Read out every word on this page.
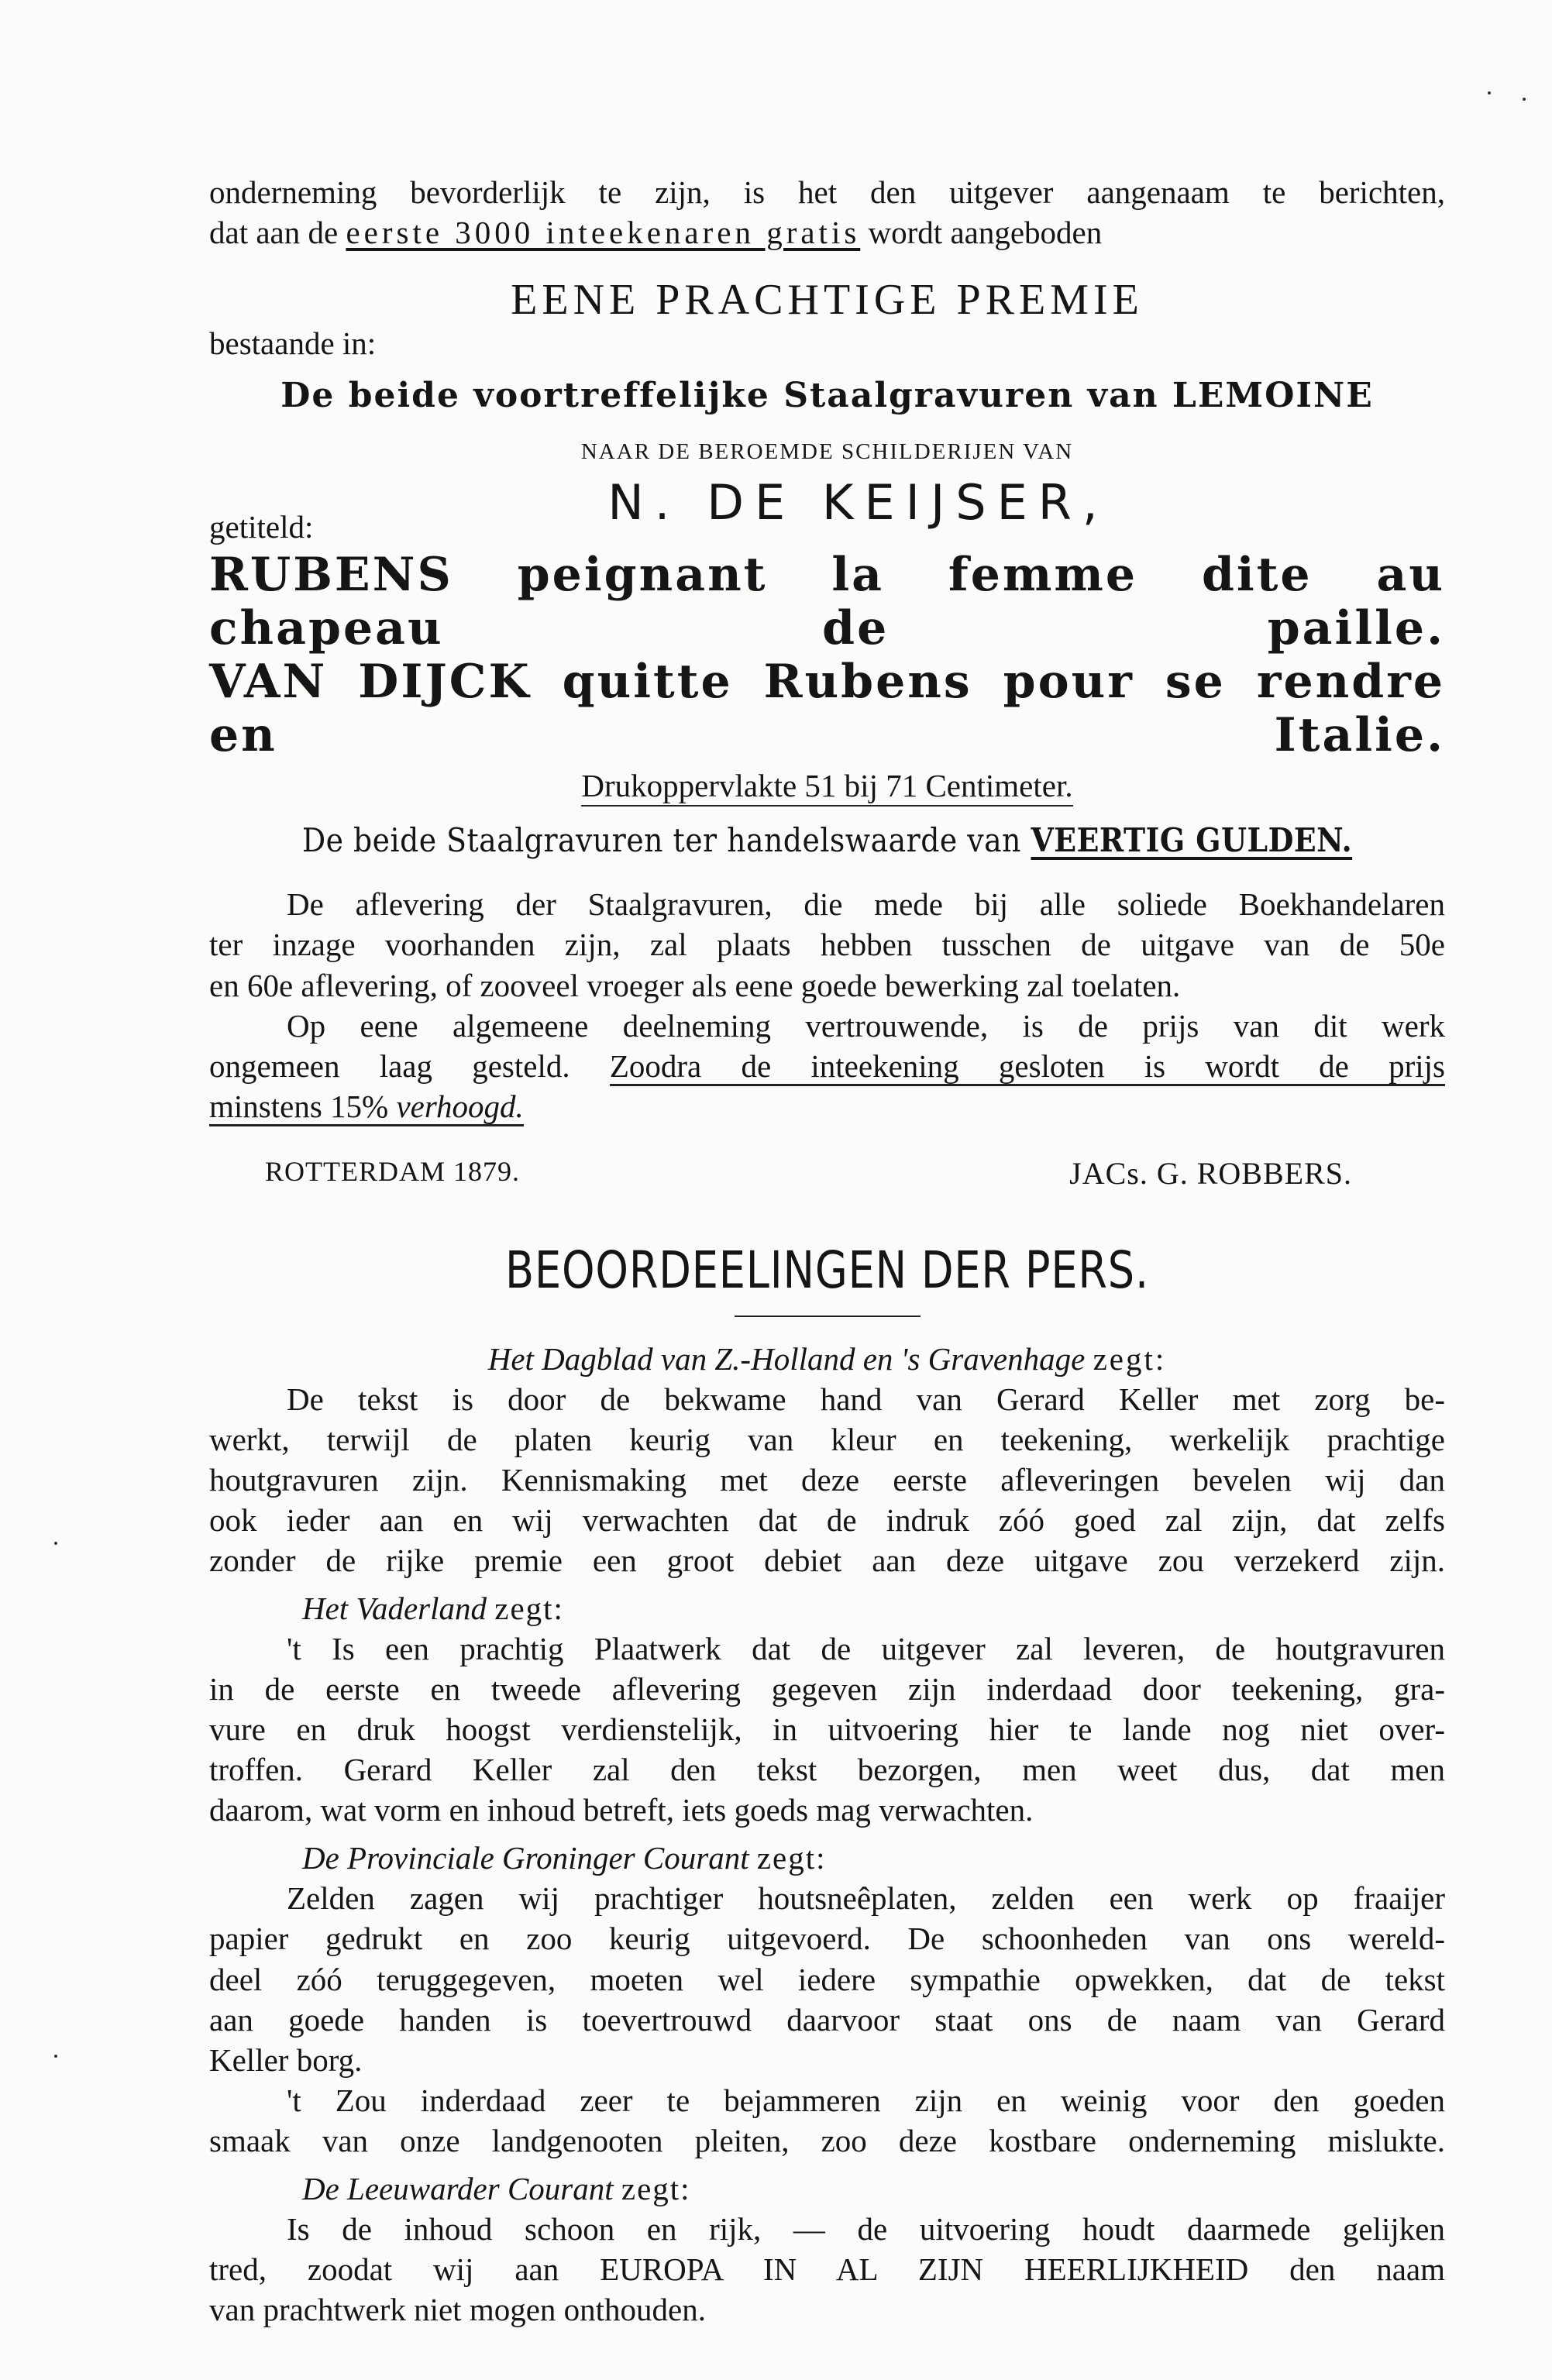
onderneming bevorderlijk te zijn, is het den uitgever aangenaam te berichten,

dat aan de eerste 3000 inteekenaren gratis wordt aangeboden

EENE PRACHTIGE PREMIE

bestaande in:

De beide voortreffelijke Staalgravuren van LEMOINE

NAAR DE BEROEMDE SCHILDERIJEN VAN

getiteld:	N. DE KEIJSER,

RUBENS peignant la femme dite au chapeau de paille.

VAN DIJCK quitte Rubens pour se rendre en Italie.

Drukoppervlakte 51 bij 71 Centimeter.

De beide Staalgravuren ter handelswaarde van VEERTIG GULDEN.

De aflevering der Staalgravuren, die mede bij alle soliede Boekhandelaren

ter inzage voorhanden zijn, zal plaats hebben tusschen de uitgave van de 50e

en 60e aflevering, of zooveel vroeger als eene goede bewerking zal toelaten.

Op eene algemeene deelneming vertrouwende, is de prijs van dit werk

ongemeen laag gesteld. Zoodra de inteekening gesloten is wordt de prijs

minstens 15% verhoogd.

ROTTERDAM 1879.	JACs. G. ROBBERS.

BEOORDEELINGEN DER PERS.

Het Dagblad van Z.-Holland en 's Gravenhage zegt:

De tekst is door de bekwame hand van Gerard Keller met zorg be-

werkt, terwijl de platen keurig van kleur en teekening, werkelijk prachtige

houtgravuren zijn. Kennismaking met deze eerste afleveringen bevelen wij dan

ook ieder aan en wij verwachten dat de indruk zóó goed zal zijn, dat zelfs

zonder de rijke premie een groot debiet aan deze uitgave zou verzekerd zijn.

Het Vaderland zegt:

't Is een prachtig Plaatwerk dat de uitgever zal leveren, de houtgravuren

in de eerste en tweede aflevering gegeven zijn inderdaad door teekening, gra-

vure en druk hoogst verdienstelijk, in uitvoering hier te lande nog niet over-

troffen. Gerard Keller zal den tekst bezorgen, men weet dus, dat men

daarom, wat vorm en inhoud betreft, iets goeds mag verwachten.

De Provinciale Groninger Courant zegt:

Zelden zagen wij prachtiger houtsneêplaten, zelden een werk op fraaijer

papier gedrukt en zoo keurig uitgevoerd. De schoonheden van ons wereld-

deel zóó teruggegeven, moeten wel iedere sympathie opwekken, dat de tekst

aan goede handen is toevertrouwd daarvoor staat ons de naam van Gerard

Keller borg.

't Zou inderdaad zeer te bejammeren zijn en weinig voor den goeden

smaak van onze landgenooten pleiten, zoo deze kostbare onderneming mislukte.

De Leeuwarder Courant zegt:

Is de inhoud schoon en rijk, — de uitvoering houdt daarmede gelijken

tred, zoodat wij aan EUROPA IN AL ZIJN HEERLIJKHEID den naam

van prachtwerk niet mogen onthouden.
